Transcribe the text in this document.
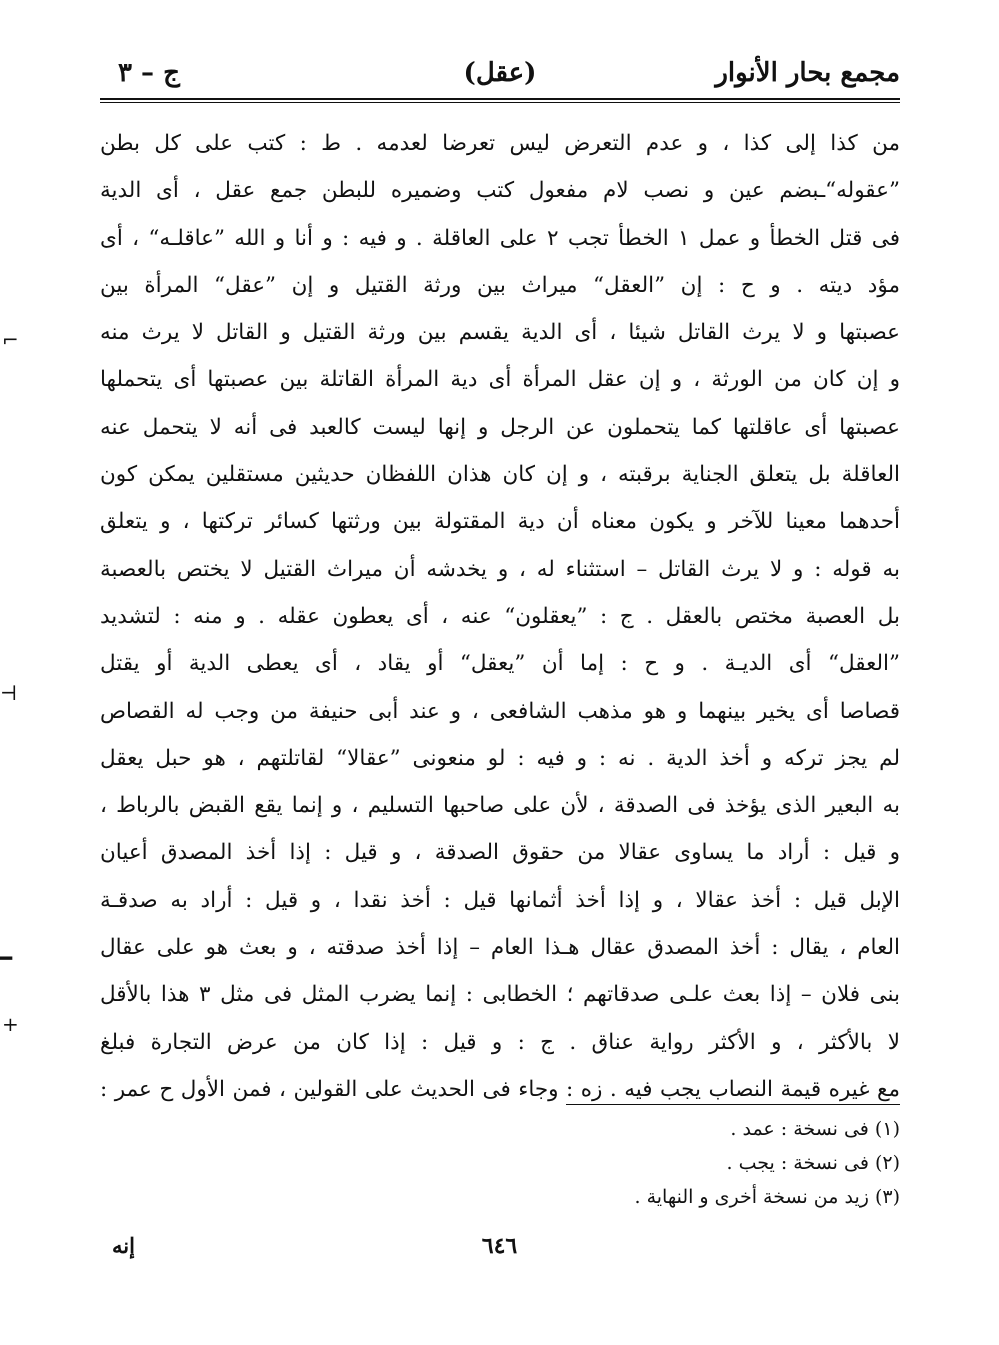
مجمع بحار الأنوار
(عقل)
ج – ٣
من كذا إلى كذا ، و عدم التعرض ليس تعرضا لعدمه . ط : كتب على كل بطن
”عقوله“ـبضم عين و نصب لام مفعول كتب وضميره للبطن جمع عقل ، أى الدية
فى قتل الخطأ و عمل ١ الخطأ تجب ٢ على العاقلة . و فيه : و أنا و الله ”عاقلـه“ ، أى
مؤد ديته . و ح : إن ”العقل“ ميراث بين ورثة القتيل و إن ”عقل“ المرأة بين
عصبتها و لا يرث القاتل شيئا ، أى الدية يقسم بين ورثة القتيل و القاتل لا يرث منه
و إن كان من الورثة ، و إن عقل المرأة أى دية المرأة القاتلة بين عصبتها أى يتحملها
عصبتها أى عاقلتها كما يتحملون عن الرجل و إنها ليست كالعبد فى أنه لا يتحمل عنه
العاقلة بل يتعلق الجناية برقبته ، و إن كان هذان اللفظان حديثين مستقلين يمكن كون
أحدهما معينا للآخر و يكون معناه أن دية المقتولة بين ورثتها كسائر تركتها ، و يتعلق
به قوله : و لا يرث القاتل – استثناء له ، و يخدشه أن ميراث القتيل لا يختص بالعصبة
بل العصبة مختص بالعقل . ج : ”يعقلون“ عنه ، أى يعطون عقله . و منه : لتشديد
”العقل“ أى الديـة . و ح : إما أن ”يعقل“ أو يقاد ، أى يعطى الدية أو يقتل
قصاصا أى يخير بينهما و هو مذهب الشافعى ، و عند أبى حنيفة من وجب له القصاص
لم يجز تركه و أخذ الدية . نه : و فيه : لو منعونى ”عقالا“ لقاتلتهم ، هو حبل يعقل
به البعير الذى يؤخذ فى الصدقة ، لأن على صاحبها التسليم ، و إنما يقع القبض بالرباط ،
و قيل : أراد ما يساوى عقالا من حقوق الصدقة ، و قيل : إذا أخذ المصدق أعيان
الإبل قيل : أخذ عقالا ، و إذا أخذ أثمانها قيل : أخذ نقدا ، و قيل : أراد به صدقـة
العام ، يقال : أخذ المصدق عقال هـذا العام – إذا أخذ صدقته ، و بعث هو على عقال
بنى فلان – إذا بعث علـى صدقاتهم ؛ الخطابى : إنما يضرب المثل فى مثل ٣ هذا بالأقل
لا بالأكثر ، و الأكثر رواية عناق . ج : و قيل : إذا كان من عرض التجارة فبلغ
مع غيره قيمة النصاب يجب فيه . زه : وجاء فى الحديث على القولين ، فمن الأول ح عمر :
(١) فى نسخة : عمد .
(٢) فى نسخة : يجب .
(٣) زيد من نسخة أخرى و النهاية .
٦٤٦
إنه
⌐
⊣
━
+
